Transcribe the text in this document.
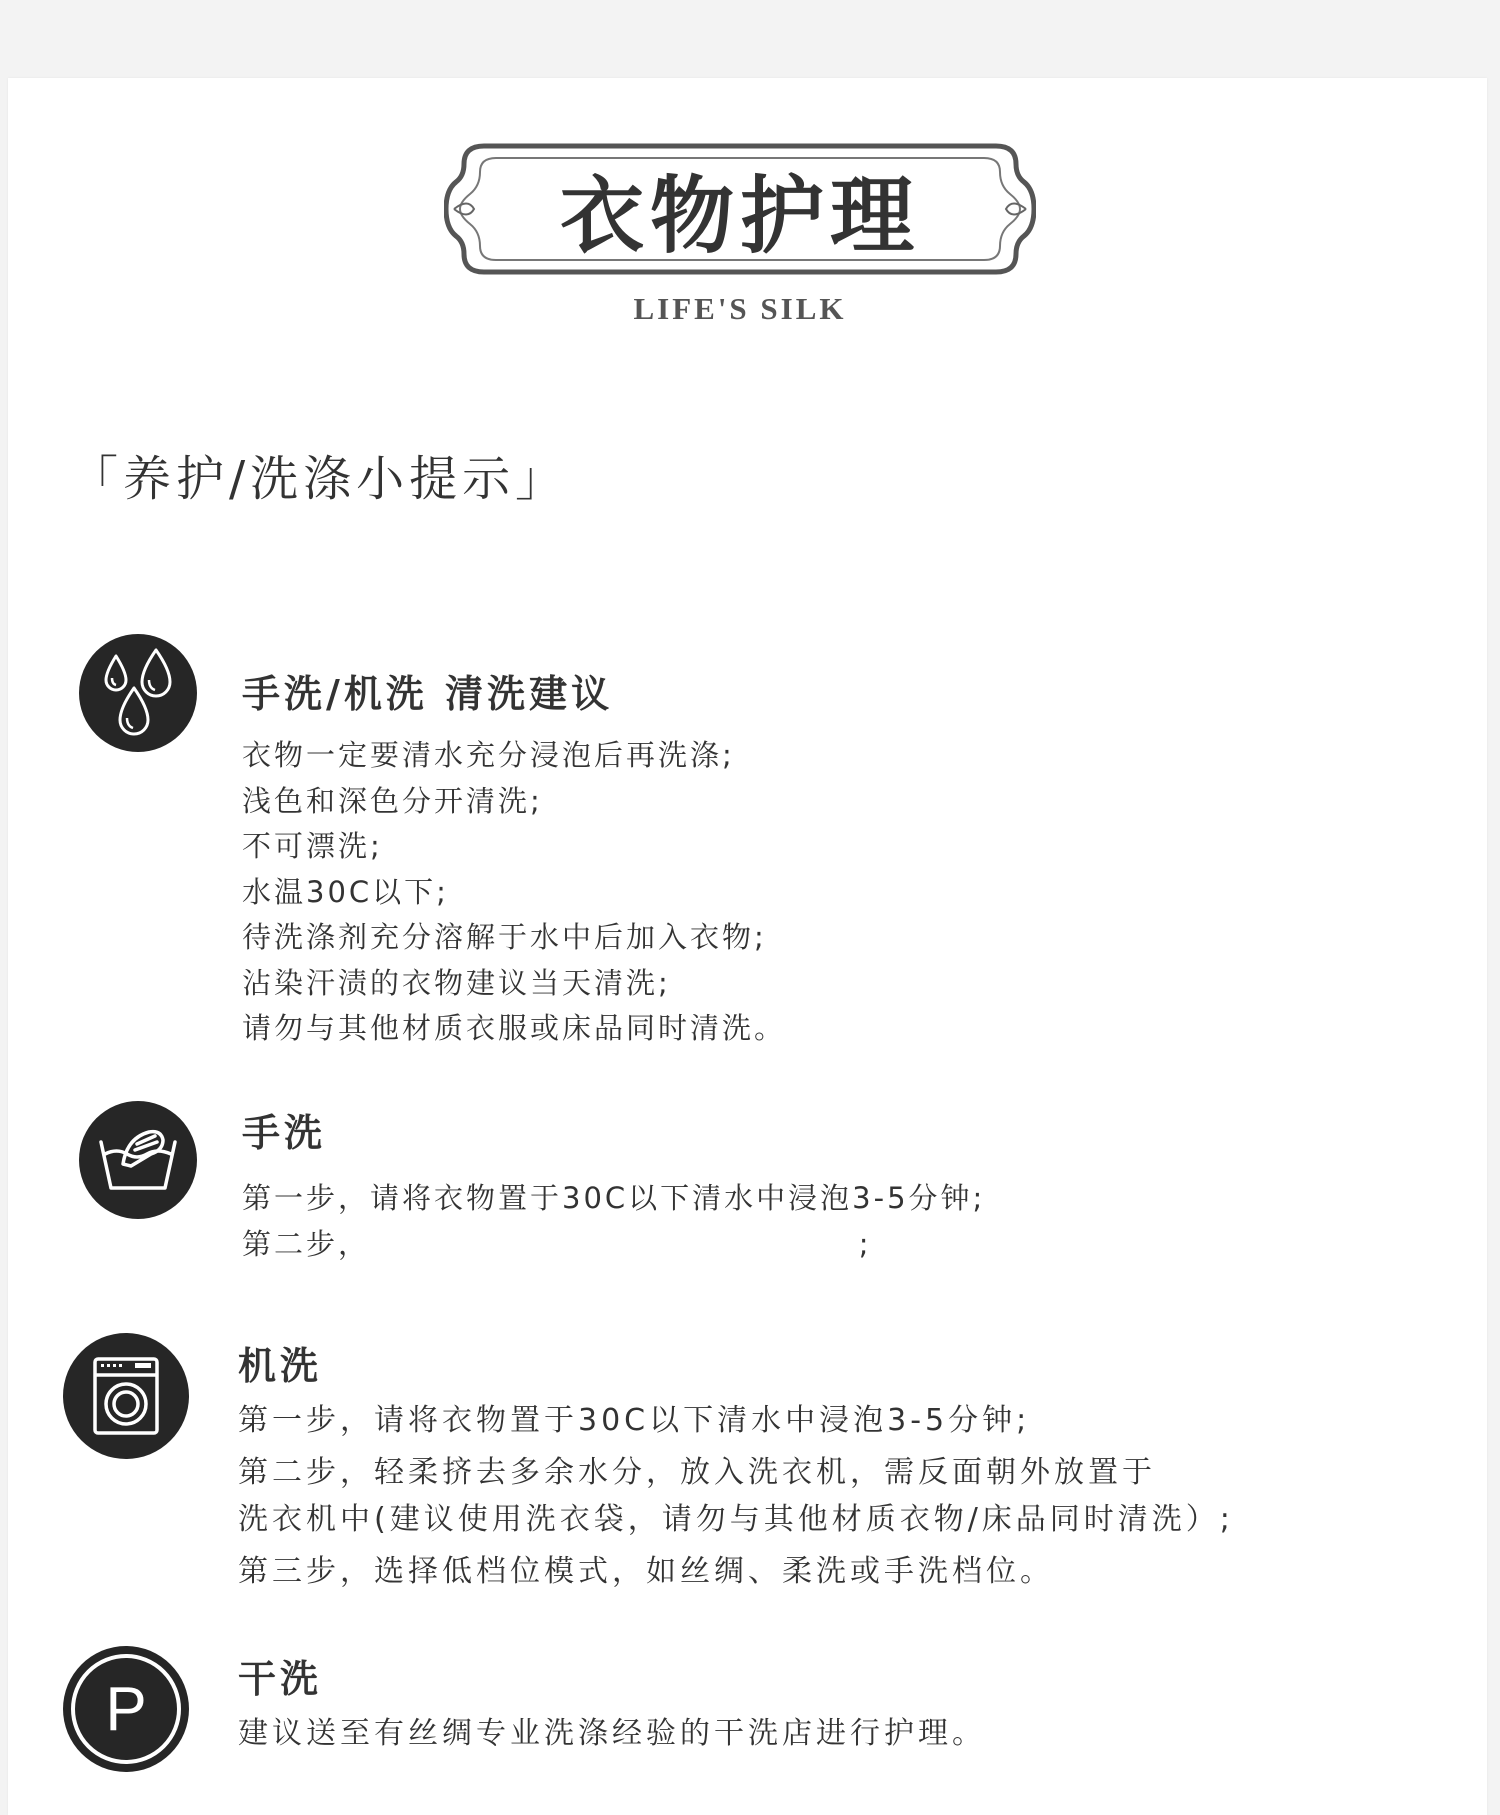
衣物护理
LIFE'S SILK
「养护/洗涤小提示」
手洗/机洗 清洗建议
衣物一定要清水充分浸泡后再洗涤;
浅色和深色分开清洗;
不可漂洗;
水温30C以下;
待洗涤剂充分溶解于水中后加入衣物;
沾染汗渍的衣物建议当天清洗;
请勿与其他材质衣服或床品同时清洗。
手洗
第一步，请将衣物置于30C以下清水中浸泡3-5分钟;
第二步，                                        ;
机洗
第一步，请将衣物置于30C以下清水中浸泡3-5分钟;
第二步，轻柔挤去多余水分，放入洗衣机，需反面朝外放置于
洗衣机中(建议使用洗衣袋，请勿与其他材质衣物/床品同时清洗）;
第三步，选择低档位模式，如丝绸、柔洗或手洗档位。
P 干洗
建议送至有丝绸专业洗涤经验的干洗店进行护理。
